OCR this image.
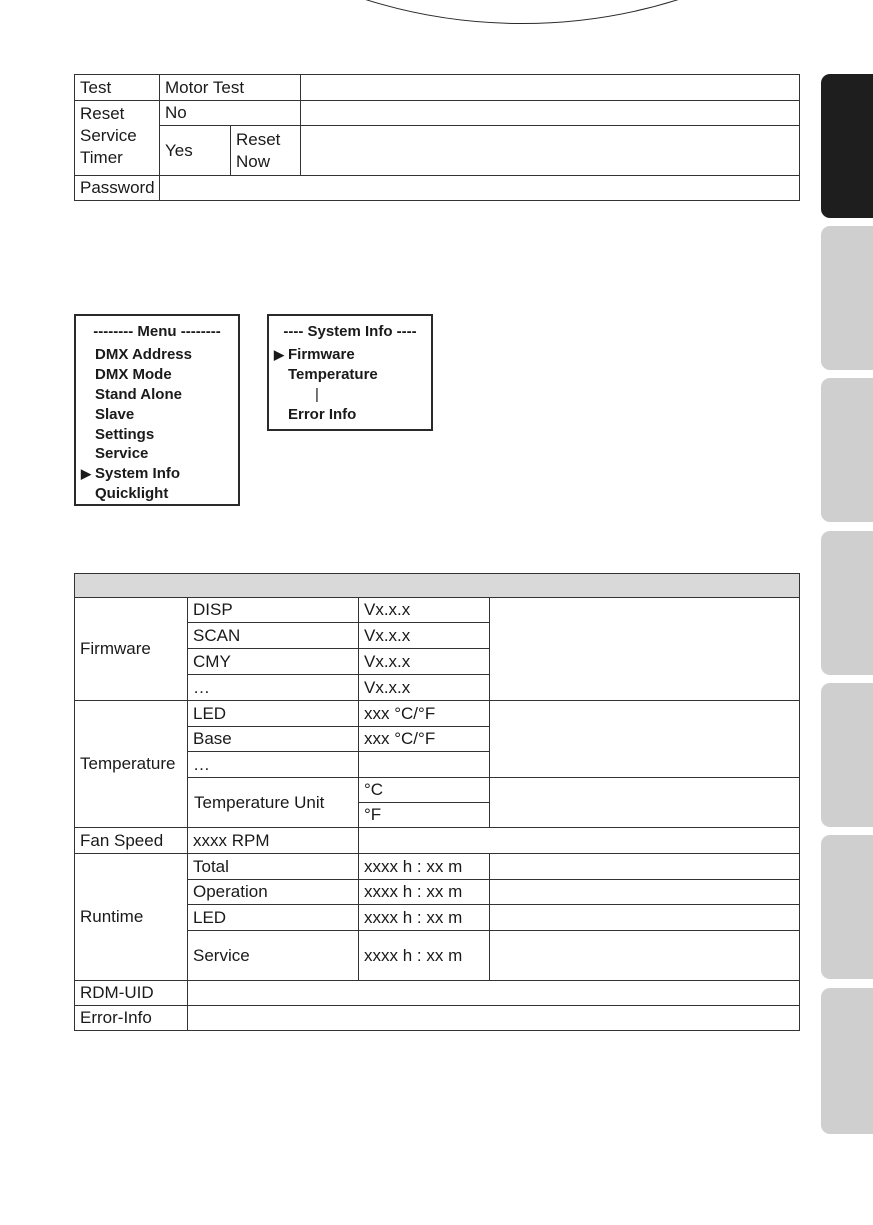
Test	Motor Test		

Reset
Service
Timer	No		
	Yes	Reset
Now	

Password			
-------- Menu --------
DMX Address
DMX Mode
Stand Alone
Slave
Settings
Service
▶ System Info
Quicklight
---- System Info ----
▶ Firmware
Temperature
|
Error Info

Firmware	DISP	Vx.x.x	
	SCAN	Vx.x.x	
	CMY	Vx.x.x	
	…	Vx.x.x	
Temperature	LED	xxx °C/°F	
	Base	xxx °C/°F	
	…		
	Temperature Unit	°C	
		°F	
Fan Speed	xxxx RPM		
Runtime	Total	xxxx h : xx m	
	Operation	xxxx h : xx m	
	LED	xxxx h : xx m	
	Service	xxxx h : xx m	
RDM-UID			
Error-Info			
